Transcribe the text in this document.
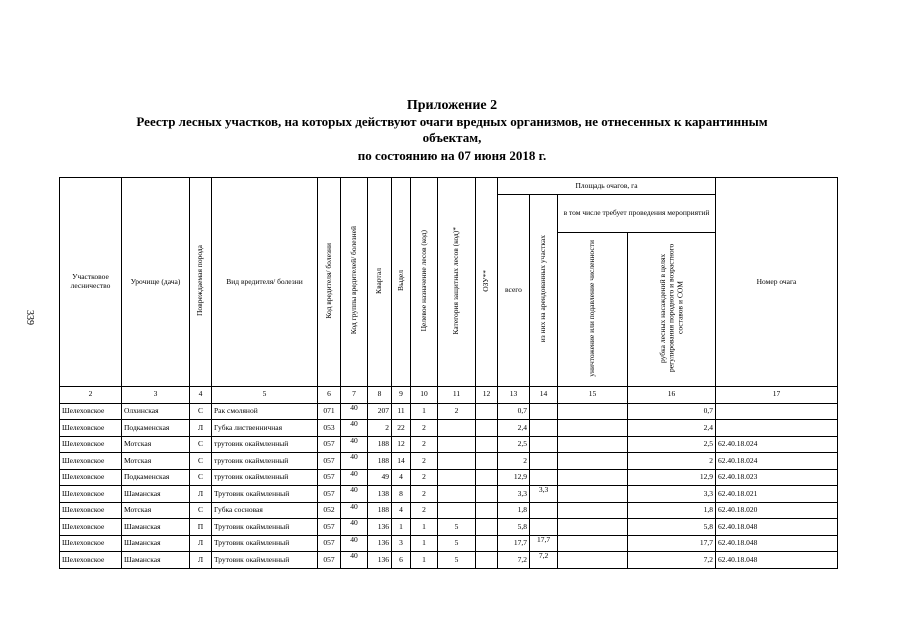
339
Приложение 2
Реестр лесных участков, на которых действуют очаги вредных организмов, не отнесенных к карантинным
объектам,
по состоянию на 07 июня 2018 г.
Участковое лесничество	Урочище (дача)	Повреждаемая порода	Вид вредителя/ болезни	Код вредителя/ болезни	Код группы вредителей/ болезней	Квартал	Выдел	Целевое назначение лесов (код)	Категория защитных лесов (код)*	ОЗУ**	Площадь очагов, га				Номер очага
											всего	из них на арендованных участках	в том числе требует проведения мероприятий		
													уничтожение или подавление численности	рубка лесных насаждений в целях регулирования породного и возрастного составов и СОМ	
2	3	4	5	6	7	8	9	10	11	12	13	14	15	16	17
Шелеховское	Олхинская	С	Рак смоляной	071	40	207	11	1	2		0,7			0,7	
Шелеховское	Подкаменская	Л	Губка лиственничная	053	40	2	22	2			2,4			2,4	
Шелеховское	Мотская	С	трутовик окаймленный	057	40	188	12	2			2,5			2,5	62.40.18.024
Шелеховское	Мотская	С	трутовик окаймленный	057	40	188	14	2			2			2	62.40.18.024
Шелеховское	Подкаменская	С	трутовик окаймленный	057	40	49	4	2			12,9			12,9	62.40.18.023
Шелеховское	Шаманская	Л	Трутовик окаймленный	057	40	138	8	2			3,3	3,3		3,3	62.40.18.021
Шелеховское	Мотская	С	Губка сосновая	052	40	188	4	2			1,8			1,8	62.40.18.020
Шелеховское	Шаманская	П	Трутовик окаймленный	057	40	136	1	1	5		5,8			5,8	62.40.18.048
Шелеховское	Шаманская	Л	Трутовик окаймленный	057	40	136	3	1	5		17,7	17,7		17,7	62.40.18.048
Шелеховское	Шаманская	Л	Трутовик окаймленный	057	40	136	6	1	5		7,2	7,2		7,2	62.40.18.048
